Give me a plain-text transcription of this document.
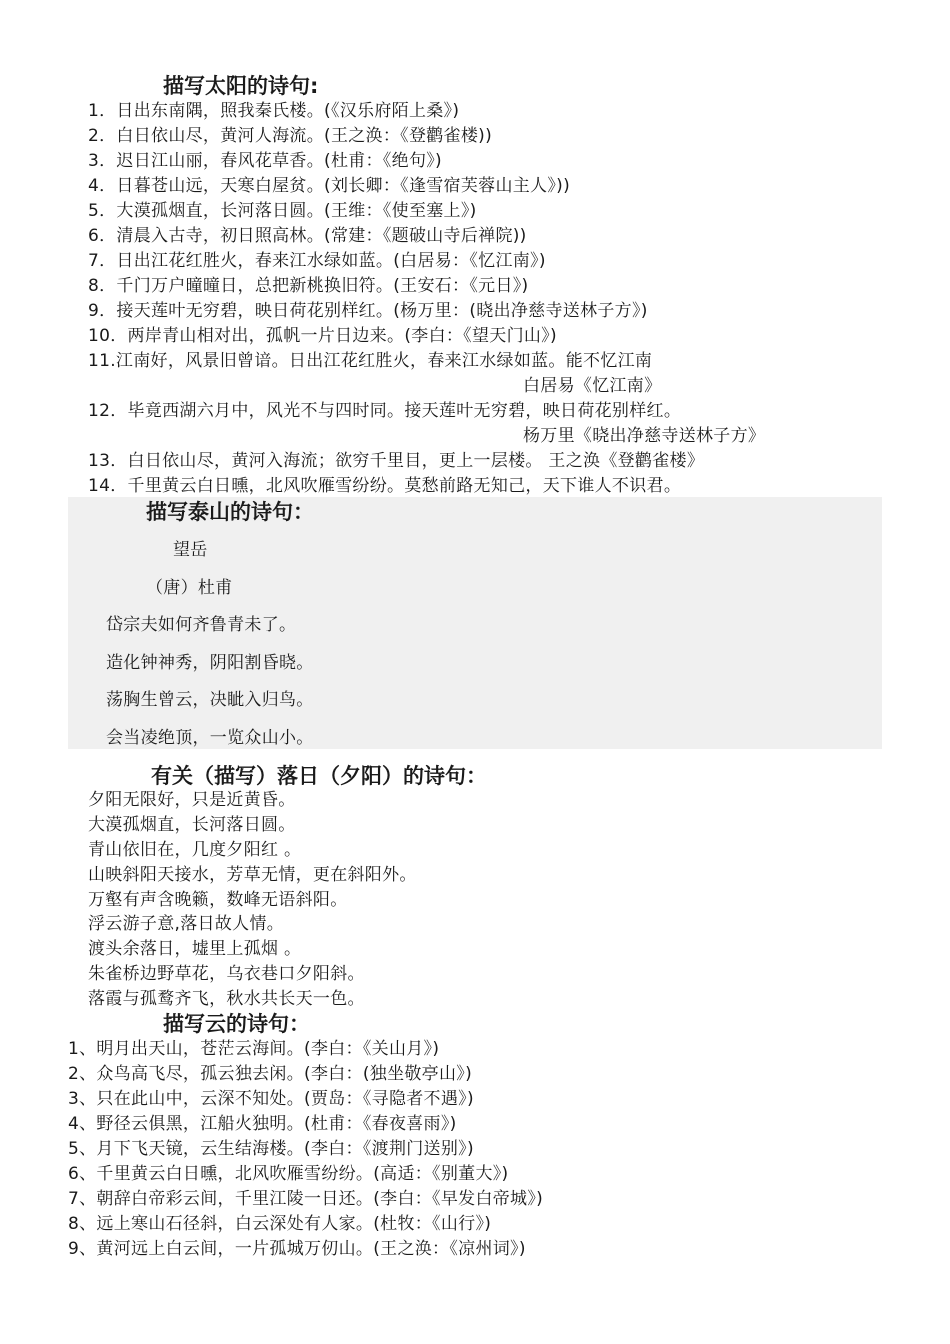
描写太阳的诗句:
1．日出东南隅，照我秦氏楼。(《汉乐府陌上桑》)
2．白日依山尽，黄河人海流。(王之涣：《登鹳雀楼))
3．迟日江山丽，春风花草香。(杜甫：《绝句》)
4．日暮苍山远，天寒白屋贫。(刘长卿：《逢雪宿芙蓉山主人》))
5．大漠孤烟直，长河落日圆。(王维：《使至塞上》)
6．清晨入古寺，初日照高林。(常建：《题破山寺后禅院))
7．日出江花红胜火，春来江水绿如蓝。(白居易：《忆江南》)
8．千门万户曈曈日，总把新桃换旧符。(王安石：《元日》)
9．接天莲叶无穷碧，映日荷花别样红。(杨万里：(晓出净慈寺送林子方》)
10．两岸青山相对出，孤帆一片日边来。(李白：《望天门山》)
11.江南好，风景旧曾谙。日出江花红胜火，春来江水绿如蓝。能不忆江南
白居易《忆江南》
12．毕竟西湖六月中，风光不与四时同。接天莲叶无穷碧，映日荷花别样红。
杨万里《晓出净慈寺送林子方》
13．白日依山尽，黄河入海流；欲穷千里目，更上一层楼。 王之涣《登鹳雀楼》
14．千里黄云白日曛，北风吹雁雪纷纷。莫愁前路无知己，天下谁人不识君。
描写泰山的诗句：
望岳
（唐）杜甫
岱宗夫如何齐鲁青未了。
造化钟神秀，阴阳割昏晓。
荡胸生曾云，决眦入归鸟。
会当凌绝顶，一览众山小。
有关（描写）落日（夕阳）的诗句：
夕阳无限好，只是近黄昏。
大漠孤烟直，长河落日圆。
青山依旧在，几度夕阳红 。
山映斜阳天接水，芳草无情，更在斜阳外。
万壑有声含晚籁，数峰无语斜阳。
浮云游子意,落日故人情。
渡头余落日，墟里上孤烟 。
朱雀桥边野草花，乌衣巷口夕阳斜。
落霞与孤鹜齐飞，秋水共长天一色。
描写云的诗句：
1、明月出天山，苍茫云海间。(李白：《关山月》)
2、众鸟高飞尽，孤云独去闲。(李白：(独坐敬亭山》)
3、只在此山中，云深不知处。(贾岛：《寻隐者不遇》)
4、野径云俱黑，江船火独明。(杜甫：《春夜喜雨》)
5、月下飞天镜，云生结海楼。(李白：《渡荆门送别》)
6、千里黄云白日曛，北风吹雁雪纷纷。(高适：《别董大》)
7、朝辞白帝彩云间，千里江陵一日还。(李白：《早发白帝城》)
8、远上寒山石径斜，白云深处有人家。(杜牧：《山行》)
9、黄河远上白云间，一片孤城万仞山。(王之涣：《凉州词》)
